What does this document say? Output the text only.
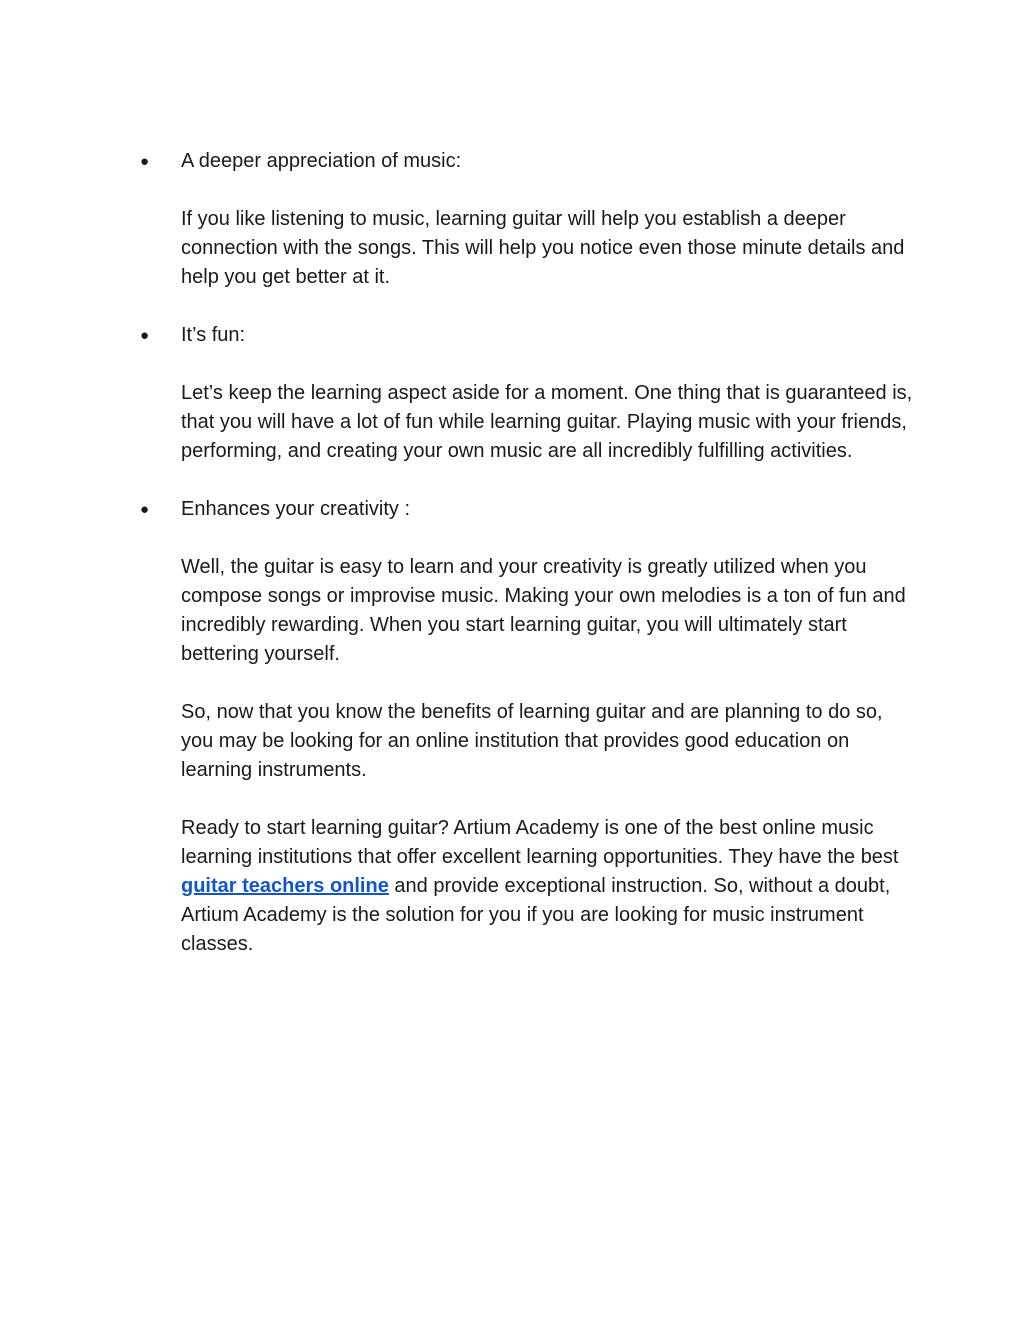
●	A deeper appreciation of music:

If you like listening to music, learning guitar will help you establish a deeper connection with the songs. This will help you notice even those minute details and help you get better at it.

●	It’s fun:

Let’s keep the learning aspect aside for a moment. One thing that is guaranteed is, that you will have a lot of fun while learning guitar. Playing music with your friends, performing, and creating your own music are all incredibly fulfilling activities.

●	Enhances your creativity :

Well, the guitar is easy to learn and your creativity is greatly utilized when you compose songs or improvise music. Making your own melodies is a ton of fun and incredibly rewarding. When you start learning guitar, you will ultimately start bettering yourself.

So, now that you know the benefits of learning guitar and are planning to do so, you may be looking for an online institution that provides good education on learning instruments.

Ready to start learning guitar? Artium Academy is one of the best online music learning institutions that offer excellent learning opportunities. They have the best guitar teachers online and provide exceptional instruction. So, without a doubt, Artium Academy is the solution for you if you are looking for music instrument classes.
